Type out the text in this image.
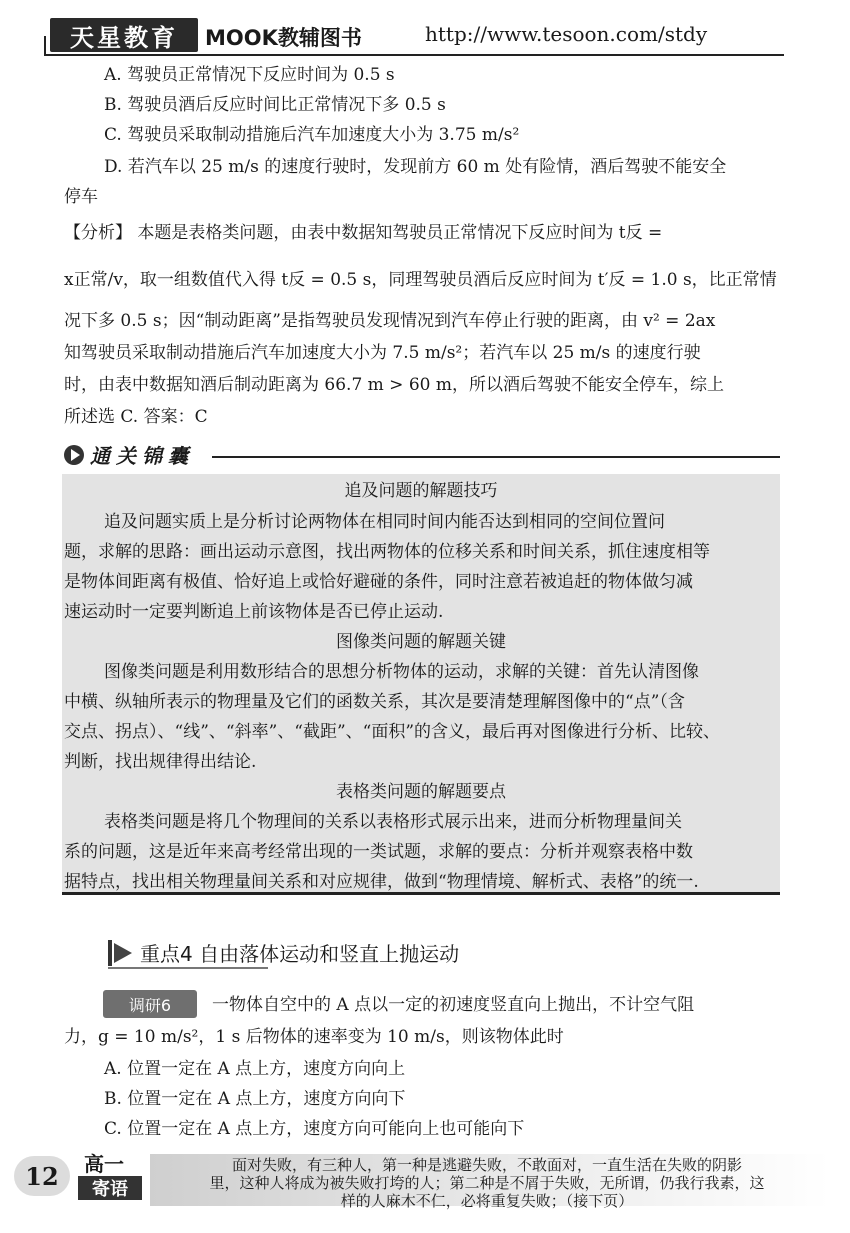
天星教育	MOOK教辅图书	http://www.tesoon.com/stdy
A. 驾驶员正常情况下反应时间为 0.5 s
B. 驾驶员酒后反应时间比正常情况下多 0.5 s
C. 驾驶员采取制动措施后汽车加速度大小为 3.75 m/s²
D. 若汽车以 25 m/s 的速度行驶时，发现前方 60 m 处有险情，酒后驾驶不能安全
停车
【分析】 本题是表格类问题，由表中数据知驾驶员正常情况下反应时间为 t反 =
x正常/v，取一组数值代入得 t反 = 0.5 s，同理驾驶员酒后反应时间为 t′反 = 1.0 s，比正常情
况下多 0.5 s；因“制动距离”是指驾驶员发现情况到汽车停止行驶的距离，由 v² = 2ax
知驾驶员采取制动措施后汽车加速度大小为 7.5 m/s²；若汽车以 25 m/s 的速度行驶
时，由表中数据知酒后制动距离为 66.7 m > 60 m，所以酒后驾驶不能安全停车，综上
所述选 C. 答案：C
通关锦囊
追及问题的解题技巧
追及问题实质上是分析讨论两物体在相同时间内能否达到相同的空间位置问
题，求解的思路：画出运动示意图，找出两物体的位移关系和时间关系，抓住速度相等
是物体间距离有极值、恰好追上或恰好避碰的条件，同时注意若被追赶的物体做匀减
速运动时一定要判断追上前该物体是否已停止运动.
图像类问题的解题关键
图像类问题是利用数形结合的思想分析物体的运动，求解的关键：首先认清图像
中横、纵轴所表示的物理量及它们的函数关系，其次是要清楚理解图像中的“点”（含
交点、拐点）、“线”、“斜率”、“截距”、“面积”的含义，最后再对图像进行分析、比较、
判断，找出规律得出结论.
表格类问题的解题要点
表格类问题是将几个物理间的关系以表格形式展示出来，进而分析物理量间关
系的问题，这是近年来高考经常出现的一类试题，求解的要点：分析并观察表格中数
据特点，找出相关物理量间关系和对应规律，做到“物理情境、解析式、表格”的统一.
重点4 自由落体运动和竖直上抛运动
调研6	一物体自空中的 A 点以一定的初速度竖直向上抛出，不计空气阻
力，g = 10 m/s²，1 s 后物体的速率变为 10 m/s，则该物体此时
A. 位置一定在 A 点上方，速度方向向上
B. 位置一定在 A 点上方，速度方向向下
C. 位置一定在 A 点上方，速度方向可能向上也可能向下
12	高一
寄语
面对失败，有三种人，第一种是逃避失败，不敢面对，一直生活在失败的阴影
里，这种人将成为被失败打垮的人；第二种是不屑于失败，无所谓，仍我行我素，这
样的人麻木不仁，必将重复失败；（接下页）
